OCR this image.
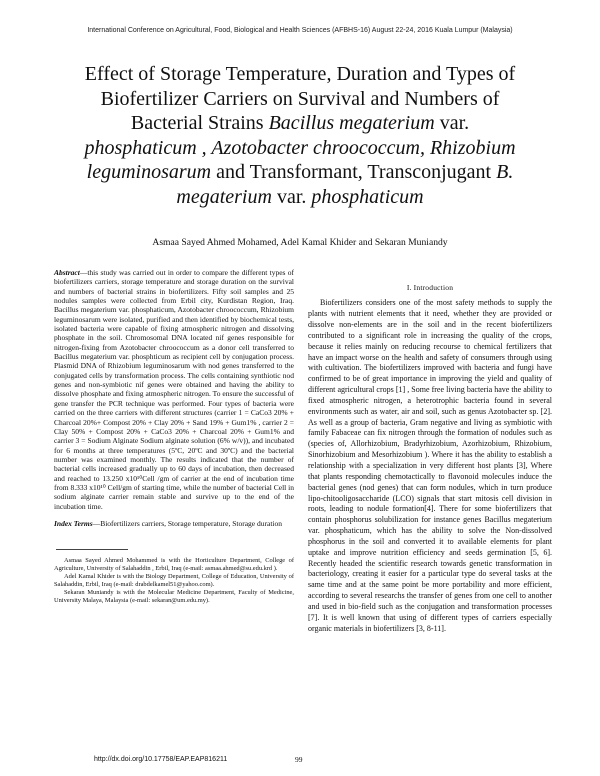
International Conference on Agricultural, Food, Biological and Health Sciences (AFBHS-16) August 22-24, 2016 Kuala Lumpur (Malaysia)
Effect of Storage Temperature, Duration and Types of
Biofertilizer Carriers on Survival and Numbers of
Bacterial Strains Bacillus megaterium var.
phosphaticum , Azotobacter chroococcum, Rhizobium
leguminosarum and Transformant, Transconjugant B.
megaterium var. phosphaticum
Asmaa Sayed Ahmed Mohamed, Adel Kamal Khider and Sekaran Muniandy
Abstract—this study was carried out in order to compare the different types of biofertilizers carriers, storage temperature and storage duration on the survival and numbers of bacterial strains in biofertilizers. Fifty soil samples and 25 nodules samples were collected from Erbil city, Kurdistan Region, Iraq. Bacillus megaterium var. phosphaticum, Azotobacter chroococcum, Rhizobium leguminosarum were isolated, purified and then identified by biochemical tests, isolated bacteria were capable of fixing atmospheric nitrogen and dissolving phosphate in the soil. Chromosomal DNA located nif genes responsible for nitrogen-fixing from Azotobacter chroococcum as a donor cell transferred to Bacillus megaterium var. phosphticum as recipient cell by conjugation process. Plasmid DNA of Rhizobium leguminosarum with nod genes transferred to the conjugated cells by transformation process. The cells containing synthiotic nod genes and non-symbiotic nif genes were obtained and having the ability to dissolve phosphate and fixing atmospheric nitrogen. To ensure the successful of gene transfer the PCR technique was performed. Four types of bacteria were carried on the three carriers with different structures (carrier 1 = CaCo3 20% + Charcoal 20%+ Compost 20% + Clay 20% + Sand 19% + Gum1% , carrier 2 = Clay 50% + Compost 20% + CaCo3 20% + Charcoal 20% + Gum1% and carrier 3 = Sodium Alginate Sodium alginate solution (6% w/v)), and incubated for 6 months at three temperatures (5ºC, 20ºC and 30ºC) and the bacterial number was examined monthly. The results indicated that the number of bacterial cells increased gradually up to 60 days of incubation, then decreased and reached to 13.250 x10¹⁰Cell /gm of carrier at the end of incubation time from 8.333 x10¹⁰ Cell/gm of starting time, while the number of bacterial Cell in sodium alginate carrier remain stable and survive up to the end of the incubation time.
Index Terms—Biofertilizers carriers, Storage temperature, Storage duration

Asmaa Sayed Ahmed Mohammed is with the Horticulture Department, College of Agriculture, University of Salahaddin , Erbil, Iraq (e-mail: asmaa.ahmed@su.edu.krd ).

Adel Kamal Khider is with the Biology Department, College of Education, University of Salahaddin, Erbil, Iraq (e-mail: drabdelkamel51@yahoo.com).

Sekaran Muniandy is with the Molecular Medicine Department, Faculty of Medicine, University Malaya, Malaysia (e-mail: sekaran@um.edu.my).

I. Introduction

Biofertilizers considers one of the most safety methods to supply the plants with nutrient elements that it need, whether they are provided or dissolve non-elements are in the soil and in the recent biofertilizers contributed to a significant role in increasing the quality of the crops, because it relies mainly on reducing recourse to chemical fertilizers that have an impact worse on the health and safety of consumers through using with cultivation. The biofertilizers improved with bacteria and fungi have confirmed to be of great importance in improving the yield and quality of different agricultural crops [1] , Some free living bacteria have the ability to fixed atmospheric nitrogen, a heterotrophic bacteria found in several environments such as water, air and soil, such as genus Azotobacter sp. [2]. As well as a group of bacteria, Gram negative and living as symbiotic with family Fabaceae can fix nitrogen through the formation of nodules such as (species of, Allorhizobium, Bradyrhizobium, Azorhizobium, Rhizobium, Sinorhizobium and Mesorhizobium ). Where it has the ability to establish a relationship with a specialization in very different host plants [3], Where that plants responding chemotactically to flavonoid molecules induce the bacterial genes (nod genes) that can form nodules, which in turn produce lipo-chitooligosaccharide (LCO) signals that start mitosis cell division in roots, leading to nodule formation[4]. There for some biofertilizers that contain phosphorus solubilization for instance genes Bacillus megaterium var. phosphaticum, which has the ability to solve the Non-dissolved phosphorus in the soil and converted it to available elements for plant uptake and improve nutrition efficiency and seeds germination [5, 6]. Recently headed the scientific research towards genetic transformation in bacteriology, creating it easier for a particular type do several tasks at the same time and at the same point be more portability and more efficient, according to several researchs the transfer of genes from one cell to another and used in bio-field such as the conjugation and transformation processes [7]. It is well known that using of different types of carriers especially organic materials in biofertilizers [3, 8-11].

http://dx.doi.org/10.17758/EAP.EAP816211	99
